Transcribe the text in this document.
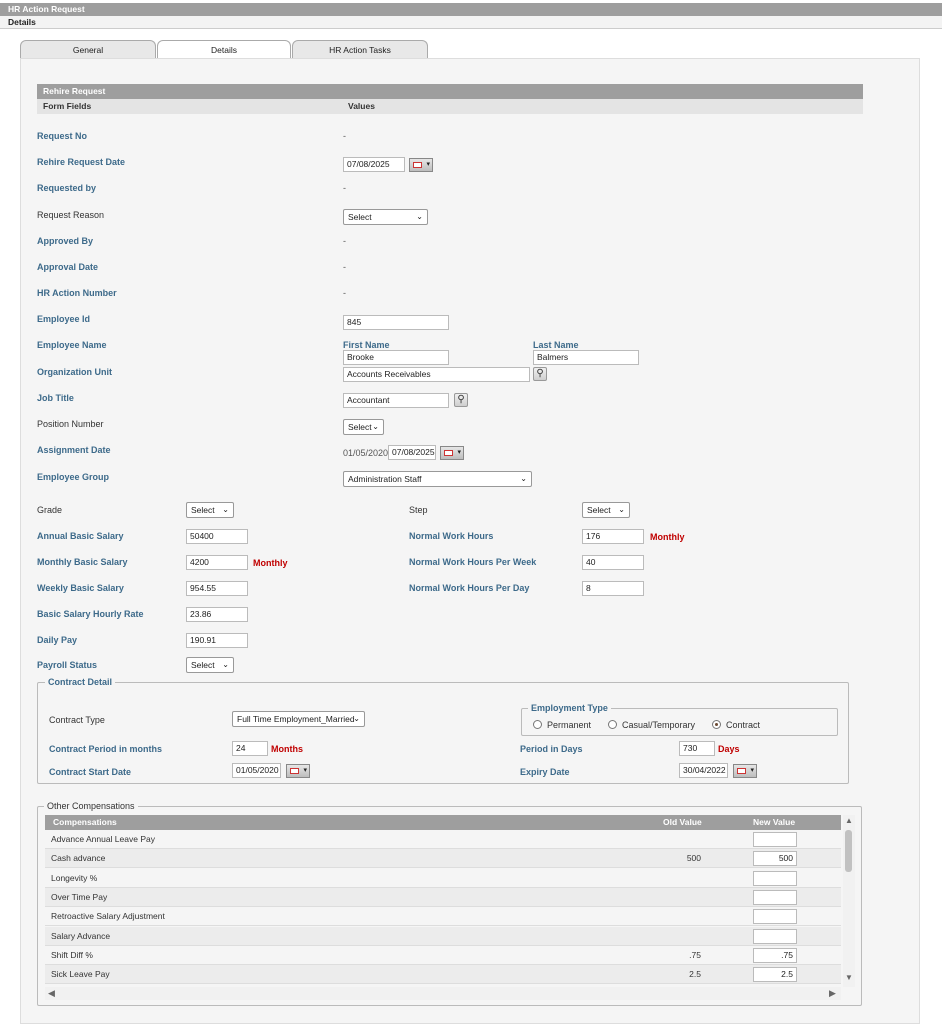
HR Action Request
Details
General	Details	HR Action Tasks
Rehire Request
Form Fields	Values
Request No	-
Rehire Request Date	07/08/2025	▾
Requested by	-
Request Reason	Select	⌄
Approved By	-
Approval Date	-
HR Action Number	-
Employee Id	845
Employee Name	First Name	Last Name
Brooke	Balmers
Organization Unit	Accounts Receivables	⚲
Job Title	Accountant	⚲
Position Number	Select ⌄
Assignment Date	01/05/2020 07/08/2025	▾
Employee Group	Administration Staff	⌄
Grade	Select ⌄
Annual Basic Salary	50400
Monthly Basic Salary	4200	Monthly
Weekly Basic Salary	954.55
Basic Salary Hourly Rate	23.86
Daily Pay	190.91
Payroll Status	Select ⌄
Step	Select ⌄
Normal Work Hours	176	Monthly
Normal Work Hours Per Week	40
Normal Work Hours Per Day	8
Contract Detail
Contract Type	Full Time Employment_Married
⌄
Contract Period in months	24	Months
Contract Start Date	01/05/2020	▾
Employment Type
Permanent	Casual/Temporary	Contract
Period in Days	730	Days
Expiry Date	30/04/2022	▾
Other Compensations
Compensations	Old Value	New Value
Advance Annual Leave Pay
Cash advance	500	500
Longevity %
Over Time Pay
Retroactive Salary Adjustment
Salary Advance
Shift Diff %	.75	.75
Sick Leave Pay	2.5	2.5
▲
▼
◀	▶
